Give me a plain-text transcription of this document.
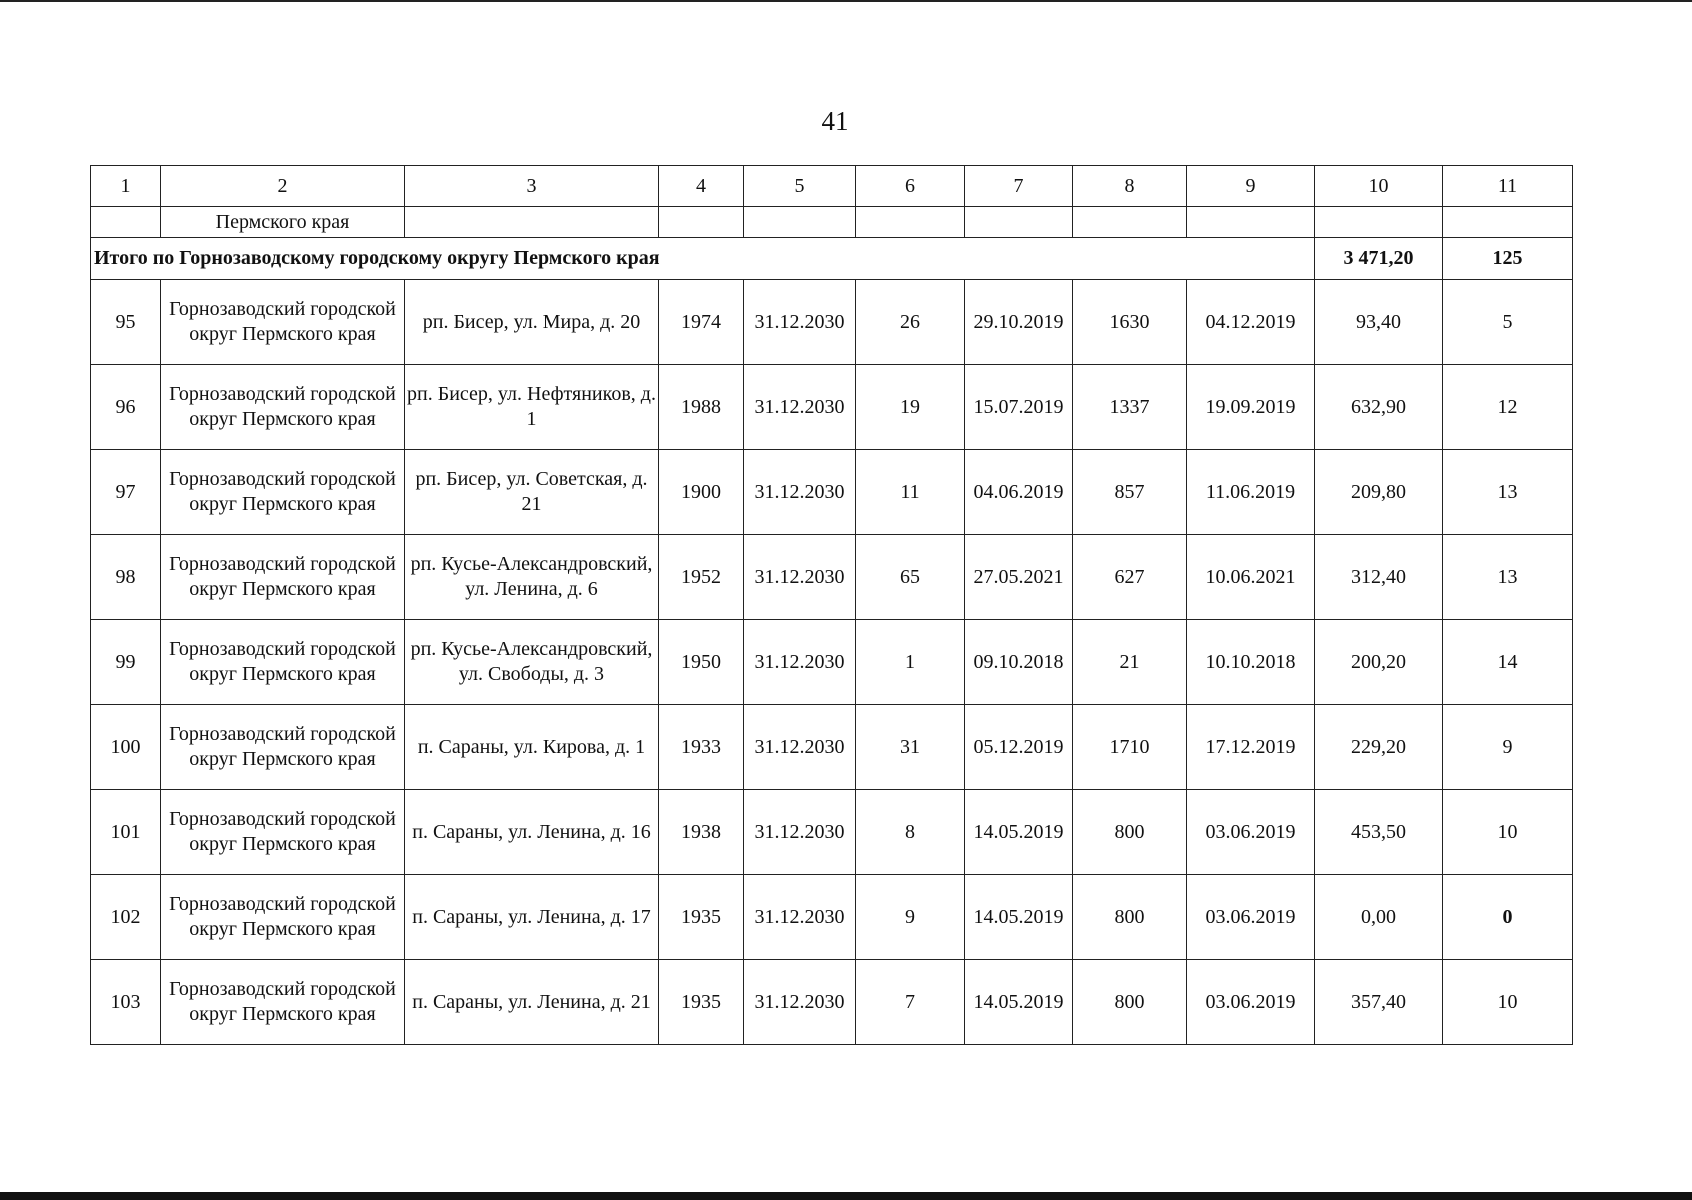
41
1	2	3	4	5	6	7	8	9	10	11
	Пермского края									
Итого по Горнозаводскому городскому округу Пермского края									3 471,20	125
95	Горнозаводский городской округ Пермского края	рп. Бисер, ул. Мира, д. 20	1974	31.12.2030	26	29.10.2019	1630	04.12.2019	93,40	5
96	Горнозаводский городской округ Пермского края	рп. Бисер, ул. Нефтяников, д. 1	1988	31.12.2030	19	15.07.2019	1337	19.09.2019	632,90	12
97	Горнозаводский городской округ Пермского края	рп. Бисер, ул. Советская, д. 21	1900	31.12.2030	11	04.06.2019	857	11.06.2019	209,80	13
98	Горнозаводский городской округ Пермского края	рп. Кусье-Александровский, ул. Ленина, д. 6	1952	31.12.2030	65	27.05.2021	627	10.06.2021	312,40	13
99	Горнозаводский городской округ Пермского края	рп. Кусье-Александровский, ул. Свободы, д. 3	1950	31.12.2030	1	09.10.2018	21	10.10.2018	200,20	14
100	Горнозаводский городской округ Пермского края	п. Сараны, ул. Кирова, д. 1	1933	31.12.2030	31	05.12.2019	1710	17.12.2019	229,20	9
101	Горнозаводский городской округ Пермского края	п. Сараны, ул. Ленина, д. 16	1938	31.12.2030	8	14.05.2019	800	03.06.2019	453,50	10
102	Горнозаводский городской округ Пермского края	п. Сараны, ул. Ленина, д. 17	1935	31.12.2030	9	14.05.2019	800	03.06.2019	0,00	0
103	Горнозаводский городской округ Пермского края	п. Сараны, ул. Ленина, д. 21	1935	31.12.2030	7	14.05.2019	800	03.06.2019	357,40	10
